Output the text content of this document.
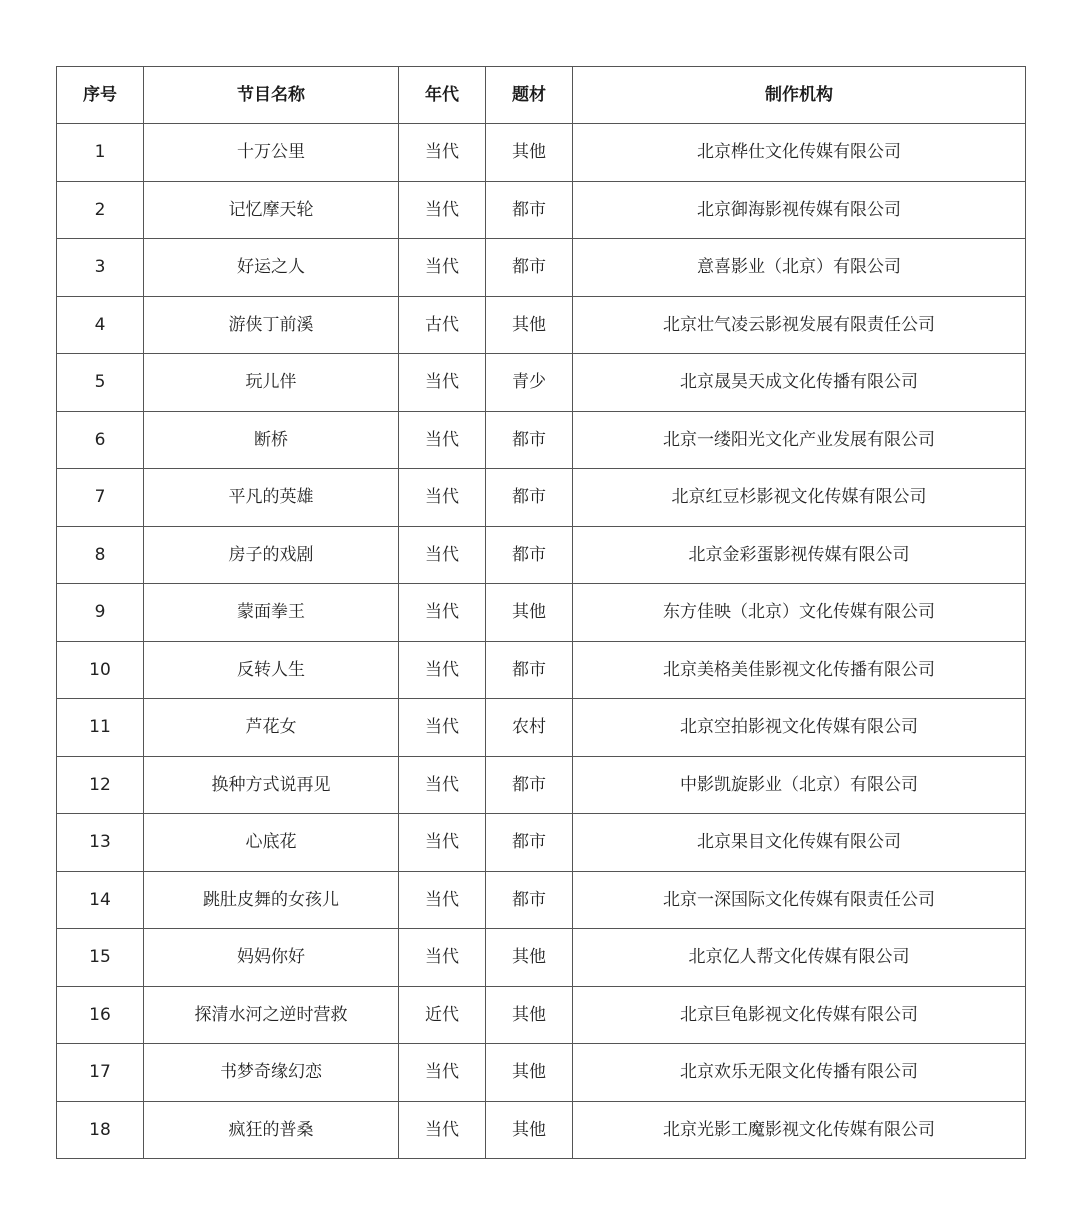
序号	节目名称	年代	题材	制作机构
1	十万公里	当代	其他	北京桦仕文化传媒有限公司
2	记忆摩天轮	当代	都市	北京御海影视传媒有限公司
3	好运之人	当代	都市	意喜影业（北京）有限公司
4	游侠丁前溪	古代	其他	北京壮气凌云影视发展有限责任公司
5	玩儿伴	当代	青少	北京晟昊天成文化传播有限公司
6	断桥	当代	都市	北京一缕阳光文化产业发展有限公司
7	平凡的英雄	当代	都市	北京红豆杉影视文化传媒有限公司
8	房子的戏剧	当代	都市	北京金彩蛋影视传媒有限公司
9	蒙面拳王	当代	其他	东方佳映（北京）文化传媒有限公司
10	反转人生	当代	都市	北京美格美佳影视文化传播有限公司
11	芦花女	当代	农村	北京空拍影视文化传媒有限公司
12	换种方式说再见	当代	都市	中影凯旋影业（北京）有限公司
13	心底花	当代	都市	北京果目文化传媒有限公司
14	跳肚皮舞的女孩儿	当代	都市	北京一深国际文化传媒有限责任公司
15	妈妈你好	当代	其他	北京亿人帮文化传媒有限公司
16	探清水河之逆时营救	近代	其他	北京巨龟影视文化传媒有限公司
17	书梦奇缘幻恋	当代	其他	北京欢乐无限文化传播有限公司
18	疯狂的普桑	当代	其他	北京光影工魔影视文化传媒有限公司
